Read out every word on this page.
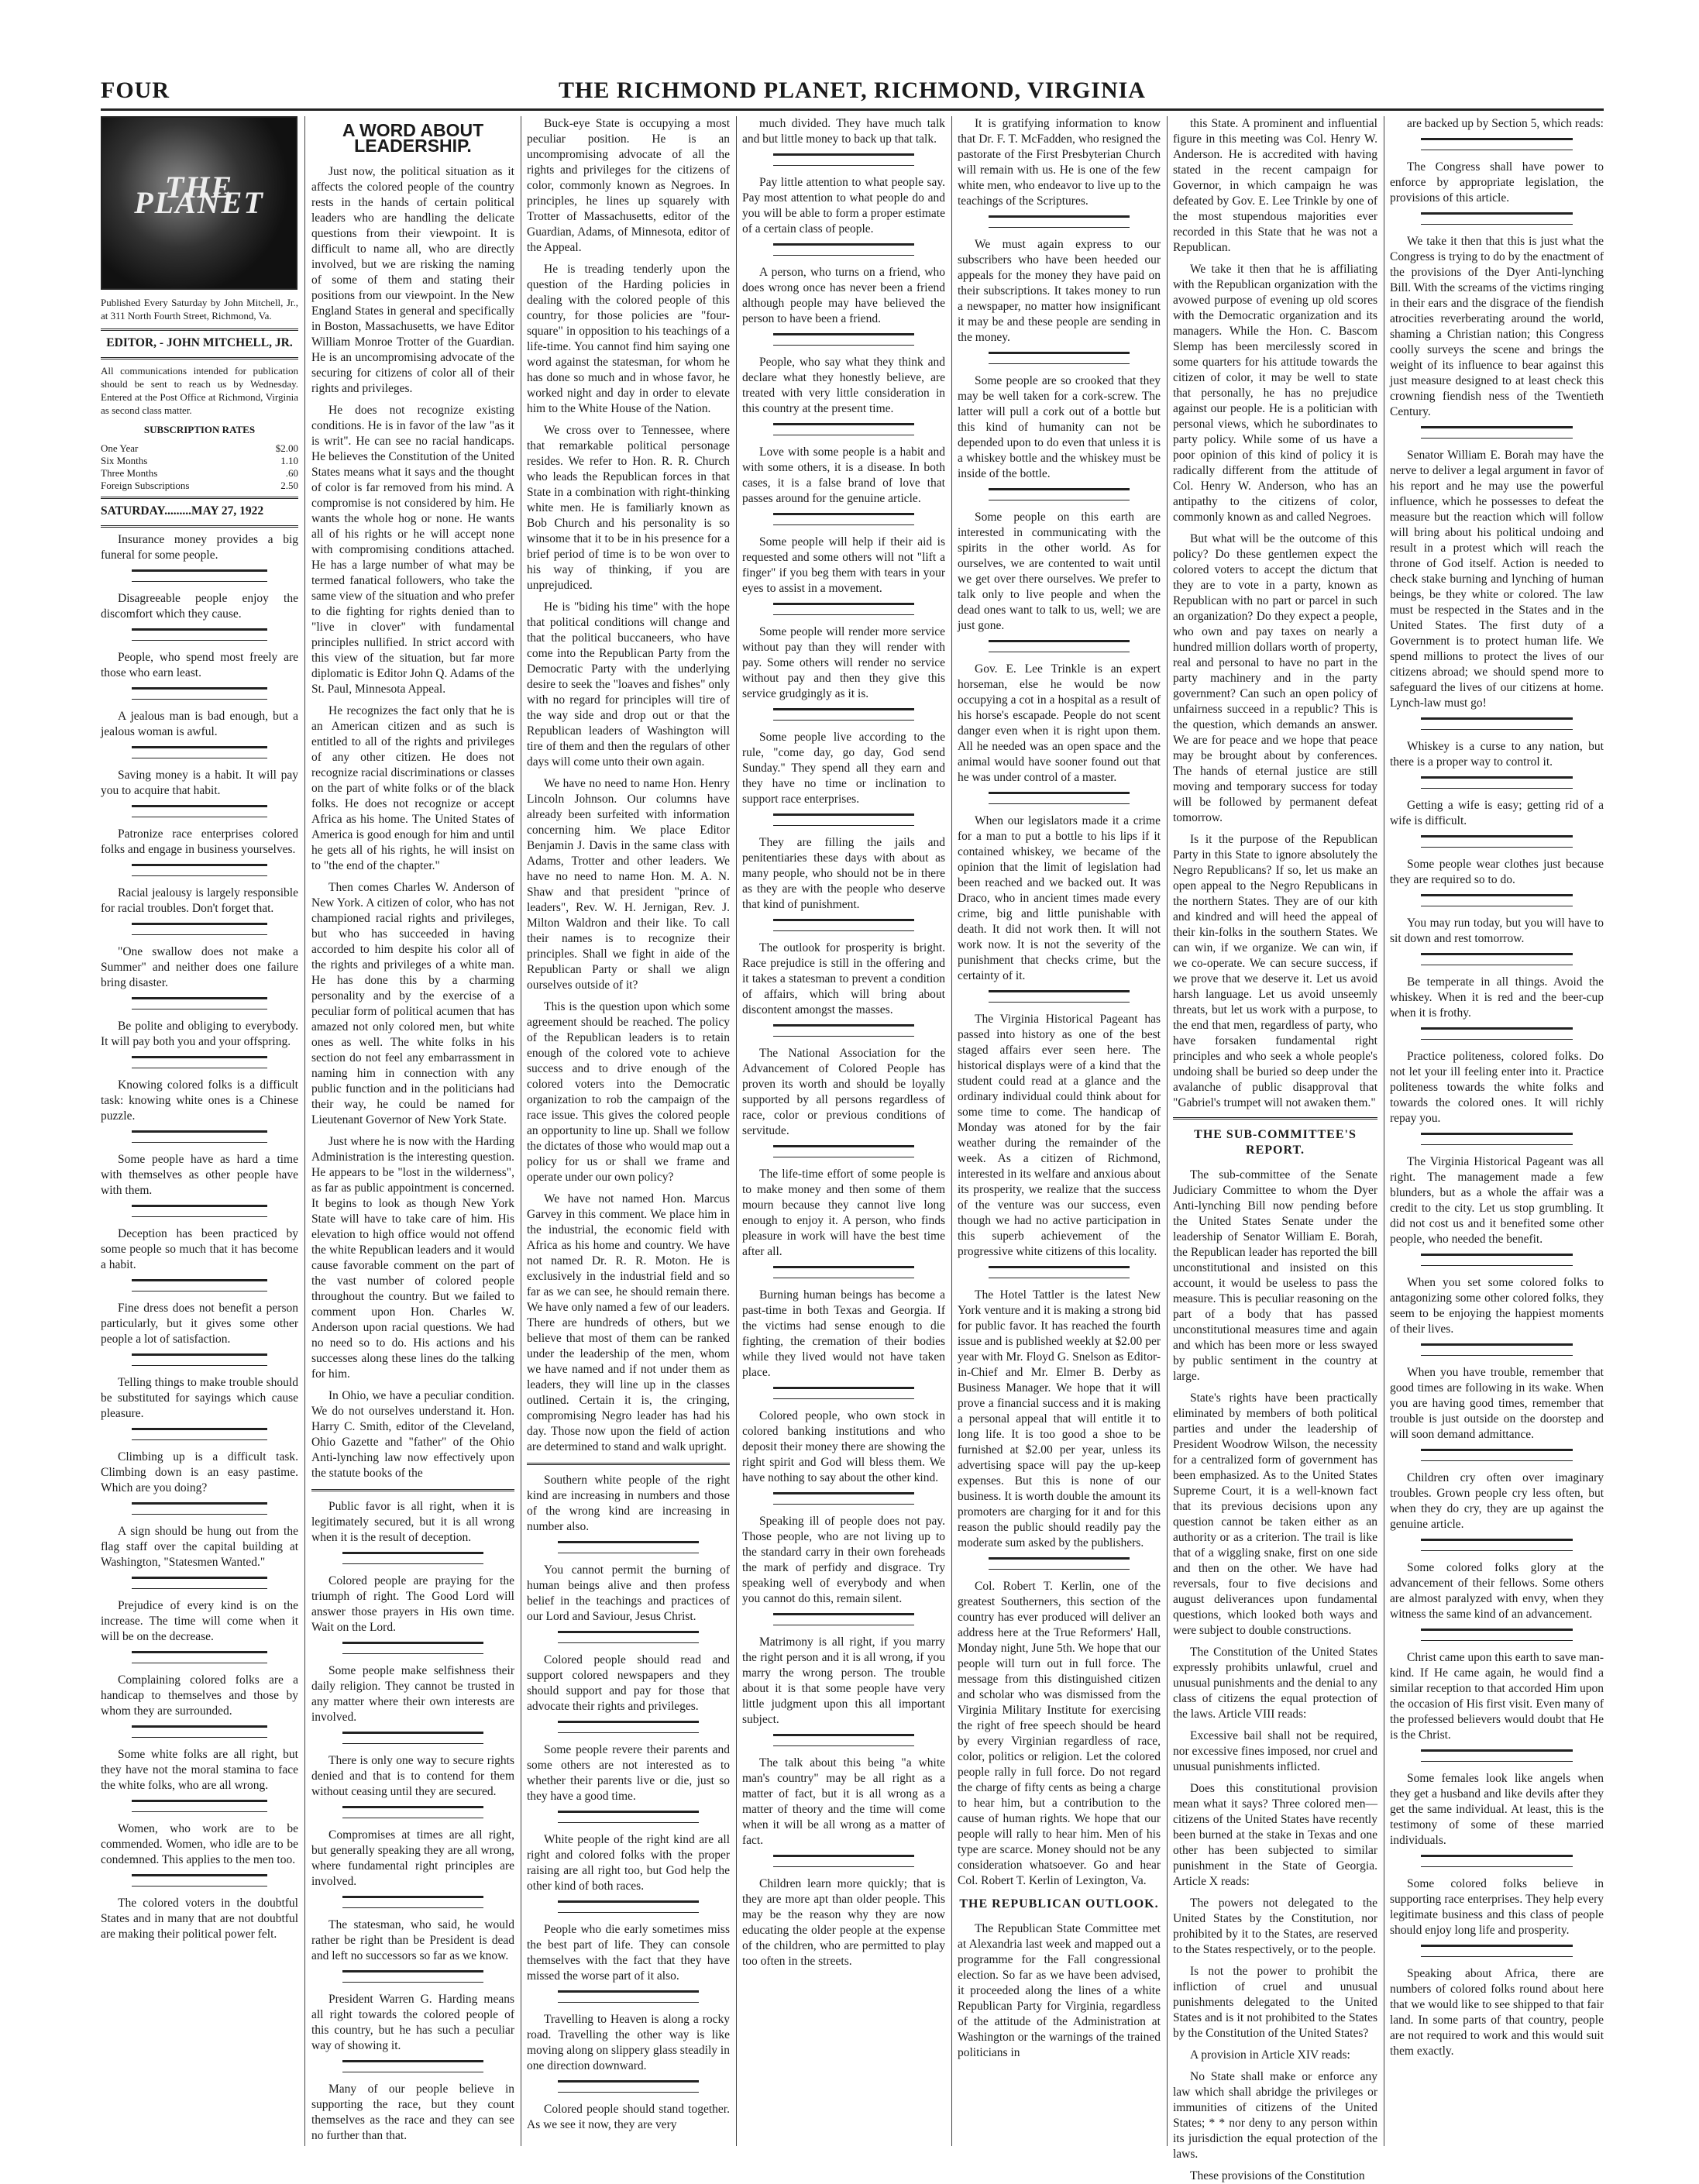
FOUR	THE RICHMOND PLANET, RICHMOND, VIRGINIA
THE PLANET

Published Every Saturday by John Mitchell, Jr., at 311 North Fourth Street, Richmond, Va.

EDITOR, - JOHN MITCHELL, JR.

All communications intended for publication should be sent to reach us by Wednesday. Entered at the Post Office at Richmond, Virginia as second class matter.

SUBSCRIPTION RATES

One Year	$2.00
Six Months	1.10
Three Months	.60
Foreign Subscriptions	2.50

SATURDAY.........MAY 27, 1922

Insurance money provides a big funeral for some people.

Disagreeable people enjoy the discomfort which they cause.

People, who spend most freely are those who earn least.

A jealous man is bad enough, but a jealous woman is awful.

Saving money is a habit. It will pay you to acquire that habit.

Patronize race enterprises colored folks and engage in business yourselves.

Racial jealousy is largely responsible for racial troubles. Don't forget that.

"One swallow does not make a Summer" and neither does one failure bring disaster.

Be polite and obliging to everybody. It will pay both you and your offspring.

Knowing colored folks is a difficult task: knowing white ones is a Chinese puzzle.

Some people have as hard a time with themselves as other people have with them.

Deception has been practiced by some people so much that it has become a habit.

Fine dress does not benefit a person particularly, but it gives some other people a lot of satisfaction.

Telling things to make trouble should be substituted for sayings which cause pleasure.

Climbing up is a difficult task. Climbing down is an easy pastime. Which are you doing?

A sign should be hung out from the flag staff over the capital building at Washington, "Statesmen Wanted."

Prejudice of every kind is on the increase. The time will come when it will be on the decrease.

Complaining colored folks are a handicap to themselves and those by whom they are surrounded.

Some white folks are all right, but they have not the moral stamina to face the white folks, who are all wrong.

Women, who work are to be commended. Women, who idle are to be condemned. This applies to the men too.

The colored voters in the doubtful States and in many that are not doubtful are making their political power felt.

A WORD ABOUT LEADERSHIP.

Just now, the political situation as it affects the colored people of the country rests in the hands of certain political leaders who are handling the delicate questions from their viewpoint. It is difficult to name all, who are directly involved, but we are risking the naming of some of them and stating their positions from our viewpoint. In the New England States in general and specifically in Boston, Massachusetts, we have Editor William Monroe Trotter of the Guardian. He is an uncompromising advocate of the securing for citizens of color all of their rights and privileges.

He does not recognize existing conditions. He is in favor of the law "as it is writ". He can see no racial handicaps. He believes the Constitution of the United States means what it says and the thought of color is far removed from his mind. A compromise is not considered by him. He wants the whole hog or none. He wants all of his rights or he will accept none with compromising conditions attached. He has a large number of what may be termed fanatical followers, who take the same view of the situation and who prefer to die fighting for rights denied than to "live in clover" with fundamental principles nullified. In strict accord with this view of the situation, but far more diplomatic is Editor John Q. Adams of the St. Paul, Minnesota Appeal.

He recognizes the fact only that he is an American citizen and as such is entitled to all of the rights and privileges of any other citizen. He does not recognize racial discriminations or classes on the part of white folks or of the black folks. He does not recognize or accept Africa as his home. The United States of America is good enough for him and until he gets all of his rights, he will insist on to "the end of the chapter."

Then comes Charles W. Anderson of New York. A citizen of color, who has not championed racial rights and privileges, but who has succeeded in having accorded to him despite his color all of the rights and privileges of a white man. He has done this by a charming personality and by the exercise of a peculiar form of political acumen that has amazed not only colored men, but white ones as well. The white folks in his section do not feel any embarrassment in naming him in connection with any public function and in the politicians had their way, he could be named for Lieutenant Governor of New York State.

Just where he is now with the Harding Administration is the interesting question. He appears to be "lost in the wilderness", as far as public appointment is concerned. It begins to look as though New York State will have to take care of him. His elevation to high office would not offend the white Republican leaders and it would cause favorable comment on the part of the vast number of colored people throughout the country. But we failed to comment upon Hon. Charles W. Anderson upon racial questions. We had no need so to do. His actions and his successes along these lines do the talking for him.

In Ohio, we have a peculiar condition. We do not ourselves understand it. Hon. Harry C. Smith, editor of the Cleveland, Ohio Gazette and "father" of the Ohio Anti-lynching law now effectively upon the statute books of the

Public favor is all right, when it is legitimately secured, but it is all wrong when it is the result of deception.

Colored people are praying for the triumph of right. The Good Lord will answer those prayers in His own time. Wait on the Lord.

Some people make selfishness their daily religion. They cannot be trusted in any matter where their own interests are involved.

There is only one way to secure rights denied and that is to contend for them without ceasing until they are secured.

Compromises at times are all right, but generally speaking they are all wrong, where fundamental right principles are involved.

The statesman, who said, he would rather be right than be President is dead and left no successors so far as we know.

President Warren G. Harding means all right towards the colored people of this country, but he has such a peculiar way of showing it.

Many of our people believe in supporting the race, but they count themselves as the race and they can see no further than that.

Buck-eye State is occupying a most peculiar position. He is an uncompromising advocate of all the rights and privileges for the citizens of color, commonly known as Negroes. In principles, he lines up squarely with Trotter of Massachusetts, editor of the Guardian, Adams, of Minnesota, editor of the Appeal.

He is treading tenderly upon the question of the Harding policies in dealing with the colored people of this country, for those policies are "four-square" in opposition to his teachings of a life-time. You cannot find him saying one word against the statesman, for whom he has done so much and in whose favor, he worked night and day in order to elevate him to the White House of the Nation.

We cross over to Tennessee, where that remarkable political personage resides. We refer to Hon. R. R. Church who leads the Republican forces in that State in a combination with right-thinking white men. He is familiarly known as Bob Church and his personality is so winsome that it to be in his presence for a brief period of time is to be won over to his way of thinking, if you are unprejudiced.

He is "biding his time" with the hope that political conditions will change and that the political buccaneers, who have come into the Republican Party from the Democratic Party with the underlying desire to seek the "loaves and fishes" only with no regard for principles will tire of the way side and drop out or that the Republican leaders of Washington will tire of them and then the regulars of other days will come unto their own again.

We have no need to name Hon. Henry Lincoln Johnson. Our columns have already been surfeited with information concerning him. We place Editor Benjamin J. Davis in the same class with Adams, Trotter and other leaders. We have no need to name Hon. M. A. N. Shaw and that president "prince of leaders", Rev. W. H. Jernigan, Rev. J. Milton Waldron and their like. To call their names is to recognize their principles. Shall we fight in aide of the Republican Party or shall we align ourselves outside of it?

This is the question upon which some agreement should be reached. The policy of the Republican leaders is to retain enough of the colored vote to achieve success and to drive enough of the colored voters into the Democratic organization to rob the campaign of the race issue. This gives the colored people an opportunity to line up. Shall we follow the dictates of those who would map out a policy for us or shall we frame and operate under our own policy?

We have not named Hon. Marcus Garvey in this comment. We place him in the industrial, the economic field with Africa as his home and country. We have not named Dr. R. R. Moton. He is exclusively in the industrial field and so far as we can see, he should remain there. We have only named a few of our leaders. There are hundreds of others, but we believe that most of them can be ranked under the leadership of the men, whom we have named and if not under them as leaders, they will line up in the classes outlined. Certain it is, the cringing, compromising Negro leader has had his day. Those now upon the field of action are determined to stand and walk upright.

Southern white people of the right kind are increasing in numbers and those of the wrong kind are increasing in number also.

You cannot permit the burning of human beings alive and then profess belief in the teachings and practices of our Lord and Saviour, Jesus Christ.

Colored people should read and support colored newspapers and they should support and pay for those that advocate their rights and privileges.

Some people revere their parents and some others are not interested as to whether their parents live or die, just so they have a good time.

White people of the right kind are all right and colored folks with the proper raising are all right too, but God help the other kind of both races.

People who die early sometimes miss the best part of life. They can console themselves with the fact that they have missed the worse part of it also.

Travelling to Heaven is along a rocky road. Travelling the other way is like moving along on slippery glass steadily in one direction downward.

Colored people should stand together. As we see it now, they are very

much divided. They have much talk and but little money to back up that talk.

Pay little attention to what people say. Pay most attention to what people do and you will be able to form a proper estimate of a certain class of people.

A person, who turns on a friend, who does wrong once has never been a friend although people may have believed the person to have been a friend.

People, who say what they think and declare what they honestly believe, are treated with very little consideration in this country at the present time.

Love with some people is a habit and with some others, it is a disease. In both cases, it is a false brand of love that passes around for the genuine article.

Some people will help if their aid is requested and some others will not "lift a finger" if you beg them with tears in your eyes to assist in a movement.

Some people will render more service without pay than they will render with pay. Some others will render no service without pay and then they give this service grudgingly as it is.

Some people live according to the rule, "come day, go day, God send Sunday." They spend all they earn and they have no time or inclination to support race enterprises.

They are filling the jails and penitentiaries these days with about as many people, who should not be in there as they are with the people who deserve that kind of punishment.

The outlook for prosperity is bright. Race prejudice is still in the offering and it takes a statesman to prevent a condition of affairs, which will bring about discontent amongst the masses.

The National Association for the Advancement of Colored People has proven its worth and should be loyally supported by all persons regardless of race, color or previous conditions of servitude.

The life-time effort of some people is to make money and then some of them mourn because they cannot live long enough to enjoy it. A person, who finds pleasure in work will have the best time after all.

Burning human beings has become a past-time in both Texas and Georgia. If the victims had sense enough to die fighting, the cremation of their bodies while they lived would not have taken place.

Colored people, who own stock in colored banking institutions and who deposit their money there are showing the right spirit and God will bless them. We have nothing to say about the other kind.

Speaking ill of people does not pay. Those people, who are not living up to the standard carry in their own foreheads the mark of perfidy and disgrace. Try speaking well of everybody and when you cannot do this, remain silent.

Matrimony is all right, if you marry the right person and it is all wrong, if you marry the wrong person. The trouble about it is that some people have very little judgment upon this all important subject.

The talk about this being "a white man's country" may be all right as a matter of fact, but it is all wrong as a matter of theory and the time will come when it will be all wrong as a matter of fact.

Children learn more quickly; that is they are more apt than older people. This may be the reason why they are now educating the older people at the expense of the children, who are permitted to play too often in the streets.

It is gratifying information to know that Dr. F. T. McFadden, who resigned the pastorate of the First Presbyterian Church will remain with us. He is one of the few white men, who endeavor to live up to the teachings of the Scriptures.

We must again express to our subscribers who have been heeded our appeals for the money they have paid on their subscriptions. It takes money to run a newspaper, no matter how insignificant it may be and these people are sending in the money.

Some people are so crooked that they may be well taken for a cork-screw. The latter will pull a cork out of a bottle but this kind of humanity can not be depended upon to do even that unless it is a whiskey bottle and the whiskey must be inside of the bottle.

Some people on this earth are interested in communicating with the spirits in the other world. As for ourselves, we are contented to wait until we get over there ourselves. We prefer to talk only to live people and when the dead ones want to talk to us, well; we are just gone.

Gov. E. Lee Trinkle is an expert horseman, else he would be now occupying a cot in a hospital as a result of his horse's escapade. People do not scent danger even when it is right upon them. All he needed was an open space and the animal would have sooner found out that he was under control of a master.

When our legislators made it a crime for a man to put a bottle to his lips if it contained whiskey, we became of the opinion that the limit of legislation had been reached and we backed out. It was Draco, who in ancient times made every crime, big and little punishable with death. It did not work then. It will not work now. It is not the severity of the punishment that checks crime, but the certainty of it.

The Virginia Historical Pageant has passed into history as one of the best staged affairs ever seen here. The historical displays were of a kind that the student could read at a glance and the ordinary individual could think about for some time to come. The handicap of Monday was atoned for by the fair weather during the remainder of the week. As a citizen of Richmond, interested in its welfare and anxious about its prosperity, we realize that the success of the venture was our success, even though we had no active participation in this superb achievement of the progressive white citizens of this locality.

The Hotel Tattler is the latest New York venture and it is making a strong bid for public favor. It has reached the fourth issue and is published weekly at $2.00 per year with Mr. Floyd G. Snelson as Editor-in-Chief and Mr. Elmer B. Derby as Business Manager. We hope that it will prove a financial success and it is making a personal appeal that will entitle it to long life. It is too good a shoe to be furnished at $2.00 per year, unless its advertising space will pay the up-keep expenses. But this is none of our business. It is worth double the amount its promoters are charging for it and for this reason the public should readily pay the moderate sum asked by the publishers.

Col. Robert T. Kerlin, one of the greatest Southerners, this section of the country has ever produced will deliver an address here at the True Reformers' Hall, Monday night, June 5th. We hope that our people will turn out in full force. The message from this distinguished citizen and scholar who was dismissed from the Virginia Military Institute for exercising the right of free speech should be heard by every Virginian regardless of race, color, politics or religion. Let the colored people rally in full force. Do not regard the charge of fifty cents as being a charge to hear him, but a contribution to the cause of human rights. We hope that our people will rally to hear him. Men of his type are scarce. Money should not be any consideration whatsoever. Go and hear Col. Robert T. Kerlin of Lexington, Va.

THE REPUBLICAN OUTLOOK.

The Republican State Committee met at Alexandria last week and mapped out a programme for the Fall congressional election. So far as we have been advised, it proceeded along the lines of a white Republican Party for Virginia, regardless of the attitude of the Administration at Washington or the warnings of the trained politicians in

this State. A prominent and influential figure in this meeting was Col. Henry W. Anderson. He is accredited with having stated in the recent campaign for Governor, in which campaign he was defeated by Gov. E. Lee Trinkle by one of the most stupendous majorities ever recorded in this State that he was not a Republican.

We take it then that he is affiliating with the Republican organization with the avowed purpose of evening up old scores with the Democratic organization and its managers. While the Hon. C. Bascom Slemp has been mercilessly scored in some quarters for his attitude towards the citizen of color, it may be well to state that personally, he has no prejudice against our people. He is a politician with personal views, which he subordinates to party policy. While some of us have a poor opinion of this kind of policy it is radically different from the attitude of Col. Henry W. Anderson, who has an antipathy to the citizens of color, commonly known as and called Negroes.

But what will be the outcome of this policy? Do these gentlemen expect the colored voters to accept the dictum that they are to vote in a party, known as Republican with no part or parcel in such an organization? Do they expect a people, who own and pay taxes on nearly a hundred million dollars worth of property, real and personal to have no part in the party machinery and in the party government? Can such an open policy of unfairness succeed in a republic? This is the question, which demands an answer. We are for peace and we hope that peace may be brought about by conferences. The hands of eternal justice are still moving and temporary success for today will be followed by permanent defeat tomorrow.

Is it the purpose of the Republican Party in this State to ignore absolutely the Negro Republicans? If so, let us make an open appeal to the Negro Republicans in the northern States. They are of our kith and kindred and will heed the appeal of their kin-folks in the southern States. We can win, if we organize. We can win, if we co-operate. We can secure success, if we prove that we deserve it. Let us avoid harsh language. Let us avoid unseemly threats, but let us work with a purpose, to the end that men, regardless of party, who have forsaken fundamental right principles and who seek a whole people's undoing shall be buried so deep under the avalanche of public disapproval that "Gabriel's trumpet will not awaken them."

THE SUB-COMMITTEE'S REPORT.

The sub-committee of the Senate Judiciary Committee to whom the Dyer Anti-lynching Bill now pending before the United States Senate under the leadership of Senator William E. Borah, the Republican leader has reported the bill unconstitutional and insisted on this account, it would be useless to pass the measure. This is peculiar reasoning on the part of a body that has passed unconstitutional measures time and again and which has been more or less swayed by public sentiment in the country at large.

State's rights have been practically eliminated by members of both political parties and under the leadership of President Woodrow Wilson, the necessity for a centralized form of government has been emphasized. As to the United States Supreme Court, it is a well-known fact that its previous decisions upon any question cannot be taken either as an authority or as a criterion. The trail is like that of a wiggling snake, first on one side and then on the other. We have had reversals, four to five decisions and august deliverances upon fundamental questions, which looked both ways and were subject to double constructions.

The Constitution of the United States expressly prohibits unlawful, cruel and unusual punishments and the denial to any class of citizens the equal protection of the laws. Article VIII reads:

Excessive bail shall not be required, nor excessive fines imposed, nor cruel and unusual punishments inflicted.

Does this constitutional provision mean what it says? Three colored men—citizens of the United States have recently been burned at the stake in Texas and one other has been subjected to similar punishment in the State of Georgia. Article X reads:

The powers not delegated to the United States by the Constitution, nor prohibited by it to the States, are reserved to the States respectively, or to the people.

Is not the power to prohibit the infliction of cruel and unusual punishments delegated to the United States and is it not prohibited to the States by the Constitution of the United States?

A provision in Article XIV reads:

No State shall make or enforce any law which shall abridge the privileges or immunities of citizens of the United States; * * nor deny to any person within its jurisdiction the equal protection of the laws.

These provisions of the Constitution

are backed up by Section 5, which reads:

The Congress shall have power to enforce by appropriate legislation, the provisions of this article.

We take it then that this is just what the Congress is trying to do by the enactment of the provisions of the Dyer Anti-lynching Bill. With the screams of the victims ringing in their ears and the disgrace of the fiendish atrocities reverberating around the world, shaming a Christian nation; this Congress coolly surveys the scene and brings the weight of its influence to bear against this just measure designed to at least check this crowning fiendish ness of the Twentieth Century.

Senator William E. Borah may have the nerve to deliver a legal argument in favor of his report and he may use the powerful influence, which he possesses to defeat the measure but the reaction which will follow will bring about his political undoing and result in a protest which will reach the throne of God itself. Action is needed to check stake burning and lynching of human beings, be they white or colored. The law must be respected in the States and in the United States. The first duty of a Government is to protect human life. We spend millions to protect the lives of our citizens abroad; we should spend more to safeguard the lives of our citizens at home. Lynch-law must go!

Whiskey is a curse to any nation, but there is a proper way to control it.

Getting a wife is easy; getting rid of a wife is difficult.

Some people wear clothes just because they are required so to do.

You may run today, but you will have to sit down and rest tomorrow.

Be temperate in all things. Avoid the whiskey. When it is red and the beer-cup when it is frothy.

Practice politeness, colored folks. Do not let your ill feeling enter into it. Practice politeness towards the white folks and towards the colored ones. It will richly repay you.

The Virginia Historical Pageant was all right. The management made a few blunders, but as a whole the affair was a credit to the city. Let us stop grumbling. It did not cost us and it benefited some other people, who needed the benefit.

When you set some colored folks to antagonizing some other colored folks, they seem to be enjoying the happiest moments of their lives.

When you have trouble, remember that good times are following in its wake. When you are having good times, remember that trouble is just outside on the doorstep and will soon demand admittance.

Children cry often over imaginary troubles. Grown people cry less often, but when they do cry, they are up against the genuine article.

Some colored folks glory at the advancement of their fellows. Some others are almost paralyzed with envy, when they witness the same kind of an advancement.

Christ came upon this earth to save man-kind. If He came again, he would find a similar reception to that accorded Him upon the occasion of His first visit. Even many of the professed believers would doubt that He is the Christ.

Some females look like angels when they get a husband and like devils after they get the same individual. At least, this is the testimony of some of these married individuals.

Some colored folks believe in supporting race enterprises. They help every legitimate business and this class of people should enjoy long life and prosperity.

Speaking about Africa, there are numbers of colored folks round about here that we would like to see shipped to that fair land. In some parts of that country, people are not required to work and this would suit them exactly.
